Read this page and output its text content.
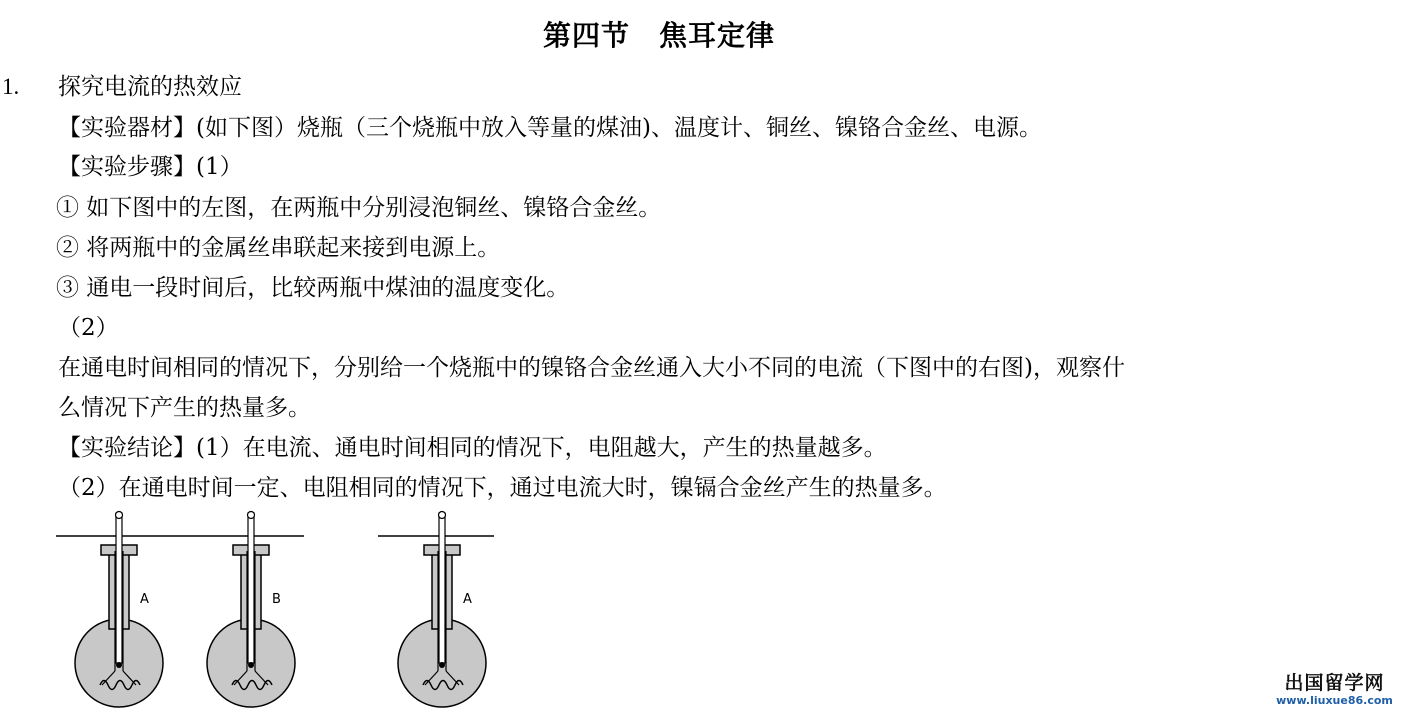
第四节　焦耳定律
1. 探究电流的热效应
【实验器材】(如下图）烧瓶（三个烧瓶中放入等量的煤油)、温度计、铜丝、镍铬合金丝、电源。
【实验步骤】(1）
① 如下图中的左图，在两瓶中分别浸泡铜丝、镍铬合金丝。
② 将两瓶中的金属丝串联起来接到电源上。
③ 通电一段时间后，比较两瓶中煤油的温度变化。
（2）
在通电时间相同的情况下，分别给一个烧瓶中的镍铬合金丝通入大小不同的电流（下图中的右图)，观察什
么情况下产生的热量多。
【实验结论】(1）在电流、通电时间相同的情况下，电阻越大，产生的热量越多。
（2）在通电时间一定、电阻相同的情况下，通过电流大时，镍镉合金丝产生的热量多。
A	B	A
出国留学网
www.liuxue86.com
